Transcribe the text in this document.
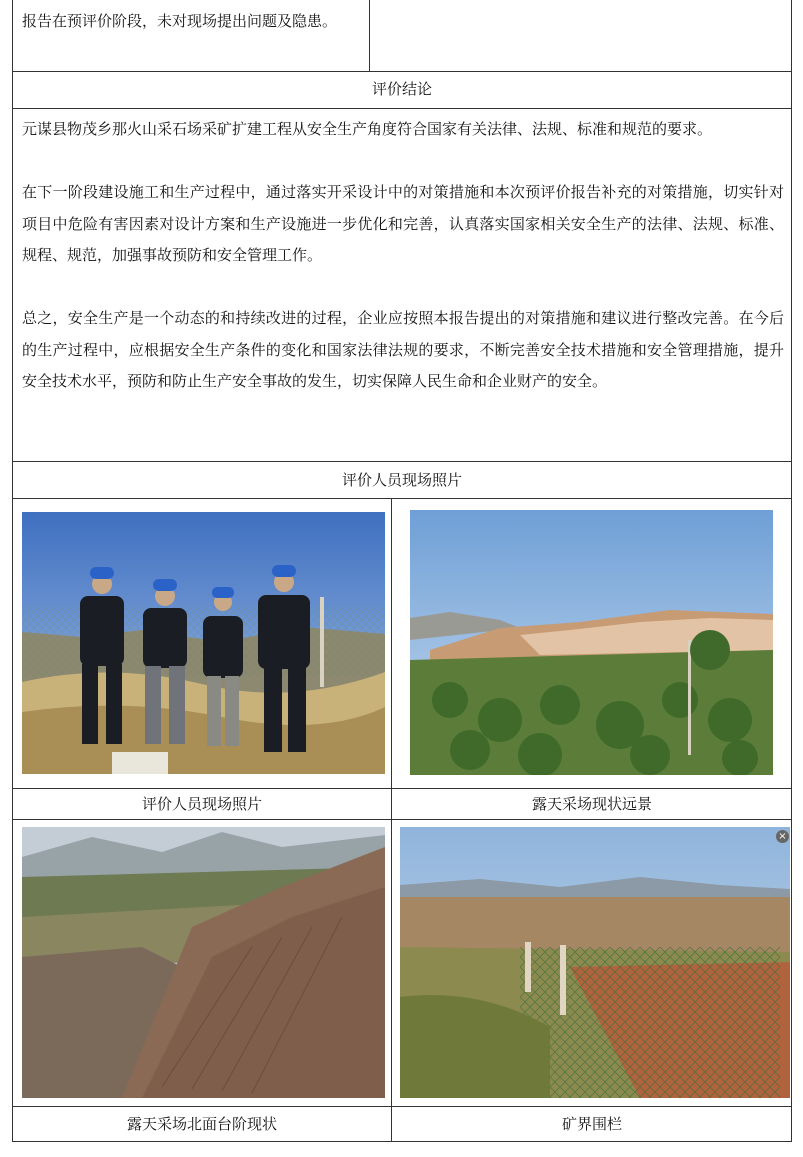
报告在预评价阶段，未对现场提出问题及隐患。
评价结论
元谋县物茂乡那火山采石场采矿扩建工程从安全生产角度符合国家有关法律、法规、标准和规范的要求。
在下一阶段建设施工和生产过程中，通过落实开采设计中的对策措施和本次预评价报告补充的对策措施，切实针对项目中危险有害因素对设计方案和生产设施进一步优化和完善，认真落实国家相关安全生产的法律、法规、标准、规程、规范，加强事故预防和安全管理工作。
总之，安全生产是一个动态的和持续改进的过程，企业应按照本报告提出的对策措施和建议进行整改完善。在今后的生产过程中，应根据安全生产条件的变化和国家法律法规的要求，不断完善安全技术措施和安全管理措施，提升安全技术水平，预防和防止生产安全事故的发生，切实保障人民生命和企业财产的安全。
评价人员现场照片
评价人员现场照片	露天采场现状远景
×
露天采场北面台阶现状	矿界围栏
